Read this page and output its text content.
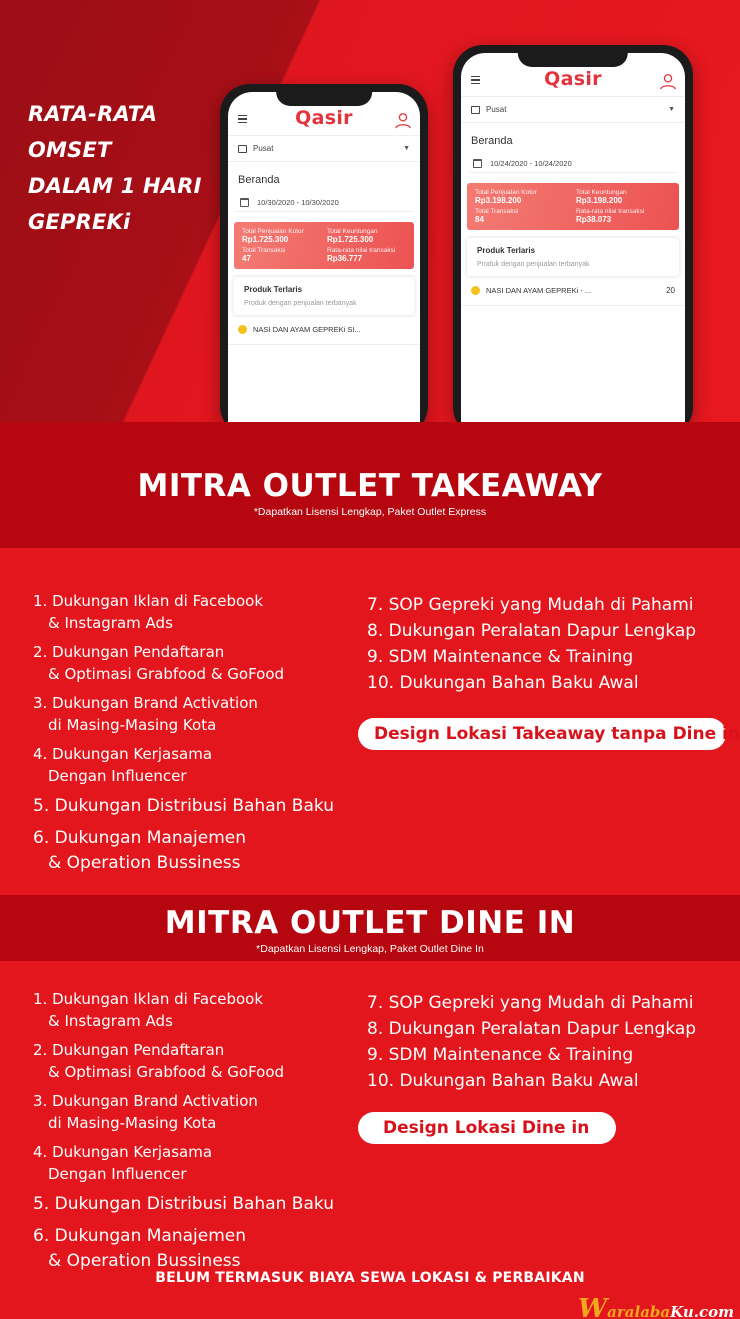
RATA-RATA
OMSET
DALAM 1 HARI
GEPREKi
Qasir
Pusat	▼
Beranda
10/30/2020 - 10/30/2020
Total Penjualan Kotor
Rp1.725.300
Total Keuntungan
Rp1.725.300
Total Transaksi
47
Rata-rata nilai transaksi
Rp36.777
Produk Terlaris
Produk dengan penjualan terbanyak
NASI DAN AYAM GEPREKi SI...
Qasir
Pusat	▼
Beranda
10/24/2020 - 10/24/2020
Total Penjualan Kotor
Rp3.198.200
Total Keuntungan
Rp3.198.200
Total Transaksi
84
Rata-rata nilai transaksi
Rp38.073
Produk Terlaris
Produk dengan penjualan terbanyak
NASI DAN AYAM GEPREKi - ...	20
MITRA OUTLET TAKEAWAY
*Dapatkan Lisensi Lengkap, Paket Outlet Express
1. Dukungan Iklan di Facebook
& Instagram Ads
2. Dukungan Pendaftaran
& Optimasi Grabfood & GoFood
3. Dukungan Brand Activation
di Masing-Masing Kota
4. Dukungan Kerjasama
Dengan Influencer
5. Dukungan Distribusi Bahan Baku
6. Dukungan Manajemen
& Operation Bussiness
7. SOP Gepreki yang Mudah di Pahami
8. Dukungan Peralatan Dapur Lengkap
9. SDM Maintenance & Training
10. Dukungan Bahan Baku Awal
Design Lokasi Takeaway tanpa Dine in
MITRA OUTLET DINE IN
*Dapatkan Lisensi Lengkap, Paket Outlet Dine In
1. Dukungan Iklan di Facebook
& Instagram Ads
2. Dukungan Pendaftaran
& Optimasi Grabfood & GoFood
3. Dukungan Brand Activation
di Masing-Masing Kota
4. Dukungan Kerjasama
Dengan Influencer
5. Dukungan Distribusi Bahan Baku
6. Dukungan Manajemen
& Operation Bussiness
7. SOP Gepreki yang Mudah di Pahami
8. Dukungan Peralatan Dapur Lengkap
9. SDM Maintenance & Training
10. Dukungan Bahan Baku Awal
Design Lokasi Dine in
BELUM TERMASUK BIAYA SEWA LOKASI & PERBAIKAN
W aralaba Ku.com
